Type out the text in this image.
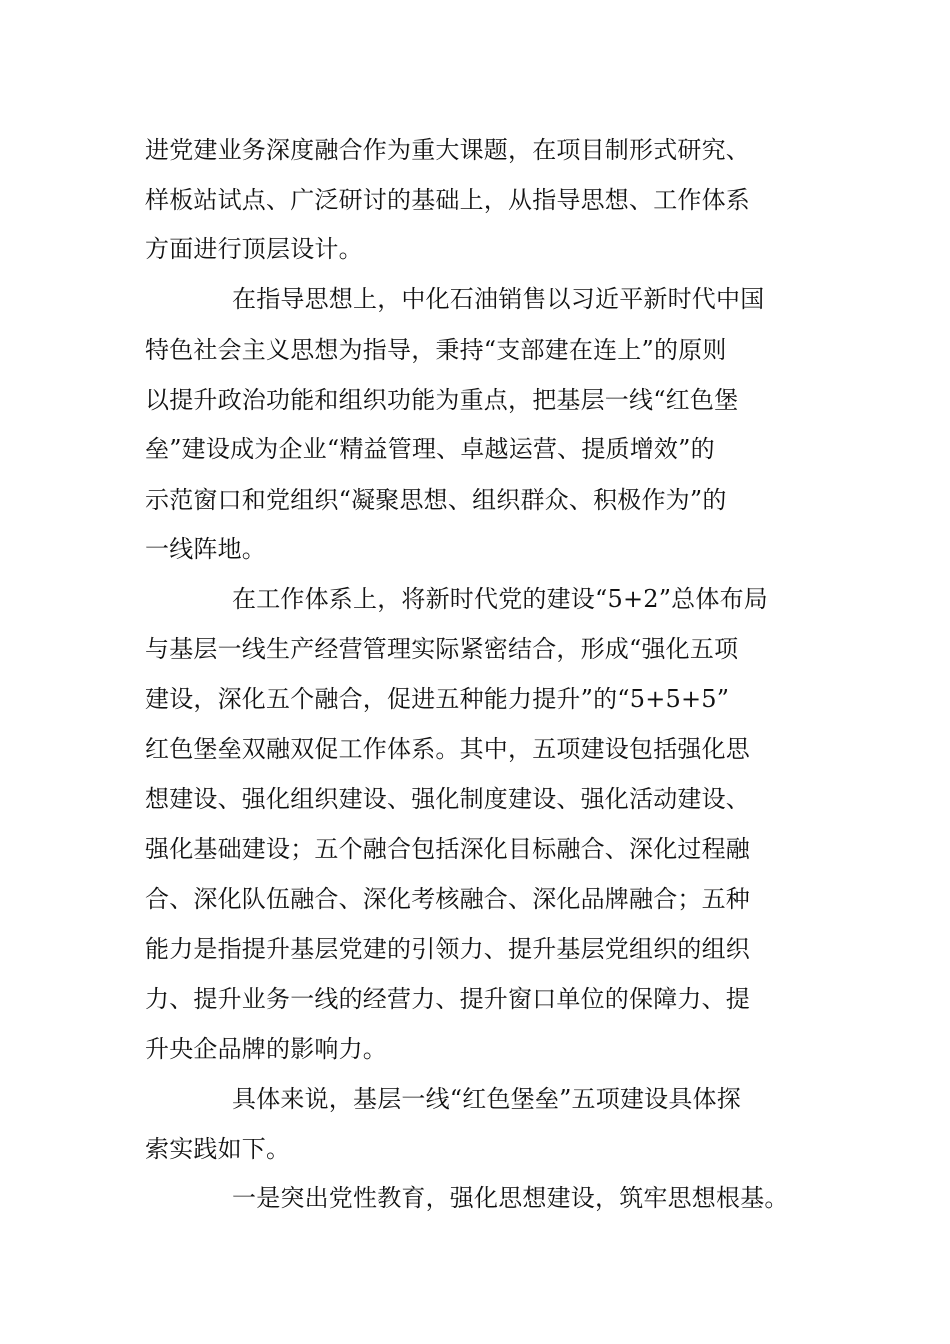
进党建业务深度融合作为重大课题，在项目制形式研究、

样板站试点、广泛研讨的基础上，从指导思想、工作体系

方面进行顶层设计。

在指导思想上，中化石油销售以习近平新时代中国

特色社会主义思想为指导，秉持“支部建在连上”的原则

以提升政治功能和组织功能为重点，把基层一线“红色堡

垒”建设成为企业“精益管理、卓越运营、提质增效”的

示范窗口和党组织“凝聚思想、组织群众、积极作为”的

一线阵地。

在工作体系上，将新时代党的建设“5+2”总体布局

与基层一线生产经营管理实际紧密结合，形成“强化五项

建设，深化五个融合，促进五种能力提升”的“5+5+5”

红色堡垒双融双促工作体系。其中，五项建设包括强化思

想建设、强化组织建设、强化制度建设、强化活动建设、

强化基础建设；五个融合包括深化目标融合、深化过程融

合、深化队伍融合、深化考核融合、深化品牌融合；五种

能力是指提升基层党建的引领力、提升基层党组织的组织

力、提升业务一线的经营力、提升窗口单位的保障力、提

升央企品牌的影响力。

具体来说，基层一线“红色堡垒”五项建设具体探

索实践如下。

一是突出党性教育，强化思想建设，筑牢思想根基。
